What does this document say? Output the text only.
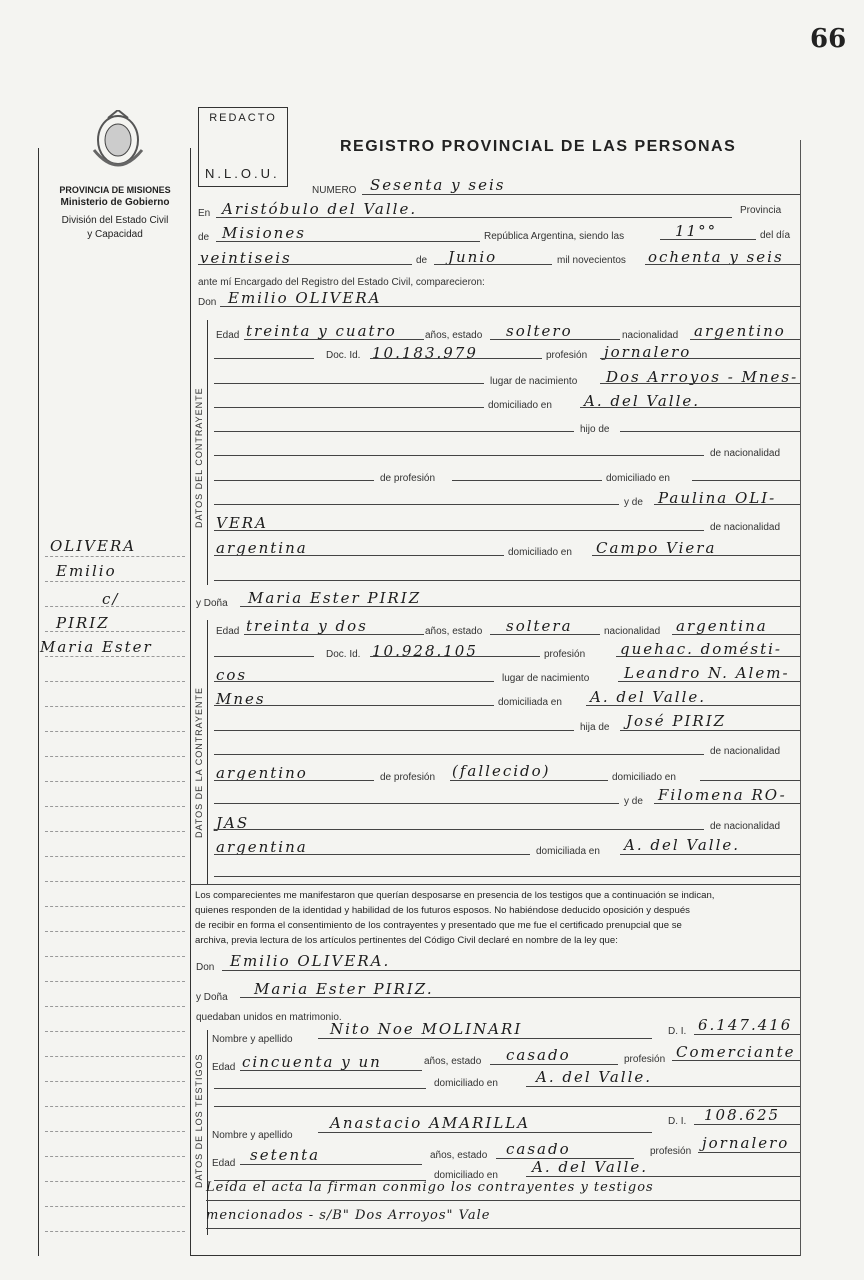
66
REDACTO
N.L.O.U.
REGISTRO PROVINCIAL DE LAS PERSONAS
PROVINCIA DE MISIONES
Ministerio de Gobierno
División del Estado Civil
y Capacidad
DATOS DEL CONTRAYENTE
DATOS DE LA CONTRAYENTE
DATOS DE LOS TESTIGOS
OLIVERA
Emilio
c/
PIRIZ
Maria Ester
NUMERO Sesenta y seis
En Aristóbulo del Valle.	Provincia
de Misiones	República Argentina, siendo las	11°°	del día
veintiseis	de Junio	mil novecientos ochenta y seis
ante mí Encargado del Registro del Estado Civil, comparecieron:
Don Emilio OLIVERA
Edad treinta y cuatro	años, estado soltero	nacionalidad argentino
Doc. Id. 10.183.979	profesión jornalero
lugar de nacimiento Dos Arroyos - Mnes-
domiciliado en A. del Valle.
hijo de
de nacionalidad
de profesión	domiciliado en
y de Paulina OLI-
VERA	de nacionalidad
argentina	domiciliado en Campo Viera
y Doña Maria Ester PIRIZ
Edad treinta y dos	años, estado soltera	nacionalidad argentina
Doc. Id. 10.928.105	profesión quehac. domésti-
cos	lugar de nacimiento Leandro N. Alem-
Mnes	domiciliada en A. del Valle.
hija de José PIRIZ
de nacionalidad
argentino	de profesión (fallecido)	domiciliado en
y de Filomena RO-
JAS	de nacionalidad
argentina	domiciliada en A. del Valle.
Los comparecientes me manifestaron que querían desposarse en presencia de los testigos que a continuación se indican,
quienes responden de la identidad y habilidad de los futuros esposos. No habiéndose deducido oposición y después
de recibir en forma el consentimiento de los contrayentes y presentado que me fue el certificado prenupcial que se
archiva, previa lectura de los artículos pertinentes del Código Civil declaré en nombre de la ley que:
Don Emilio OLIVERA.
y Doña Maria Ester PIRIZ.
quedaban unidos en matrimonio.
Nombre y apellido
Nito Noe MOLINARI	D. I. 6.147.416
Edad cincuenta y un	años, estado casado	profesión Comerciante
domiciliado en	A. del Valle.
Nombre y apellido
Anastacio AMARILLA	D. I. 108.625
Edad setenta	años, estado casado	profesión jornalero
domiciliado en A. del Valle.
Leída el acta la firman conmigo los contrayentes y testigos
mencionados - s/B" Dos Arroyos" Vale
